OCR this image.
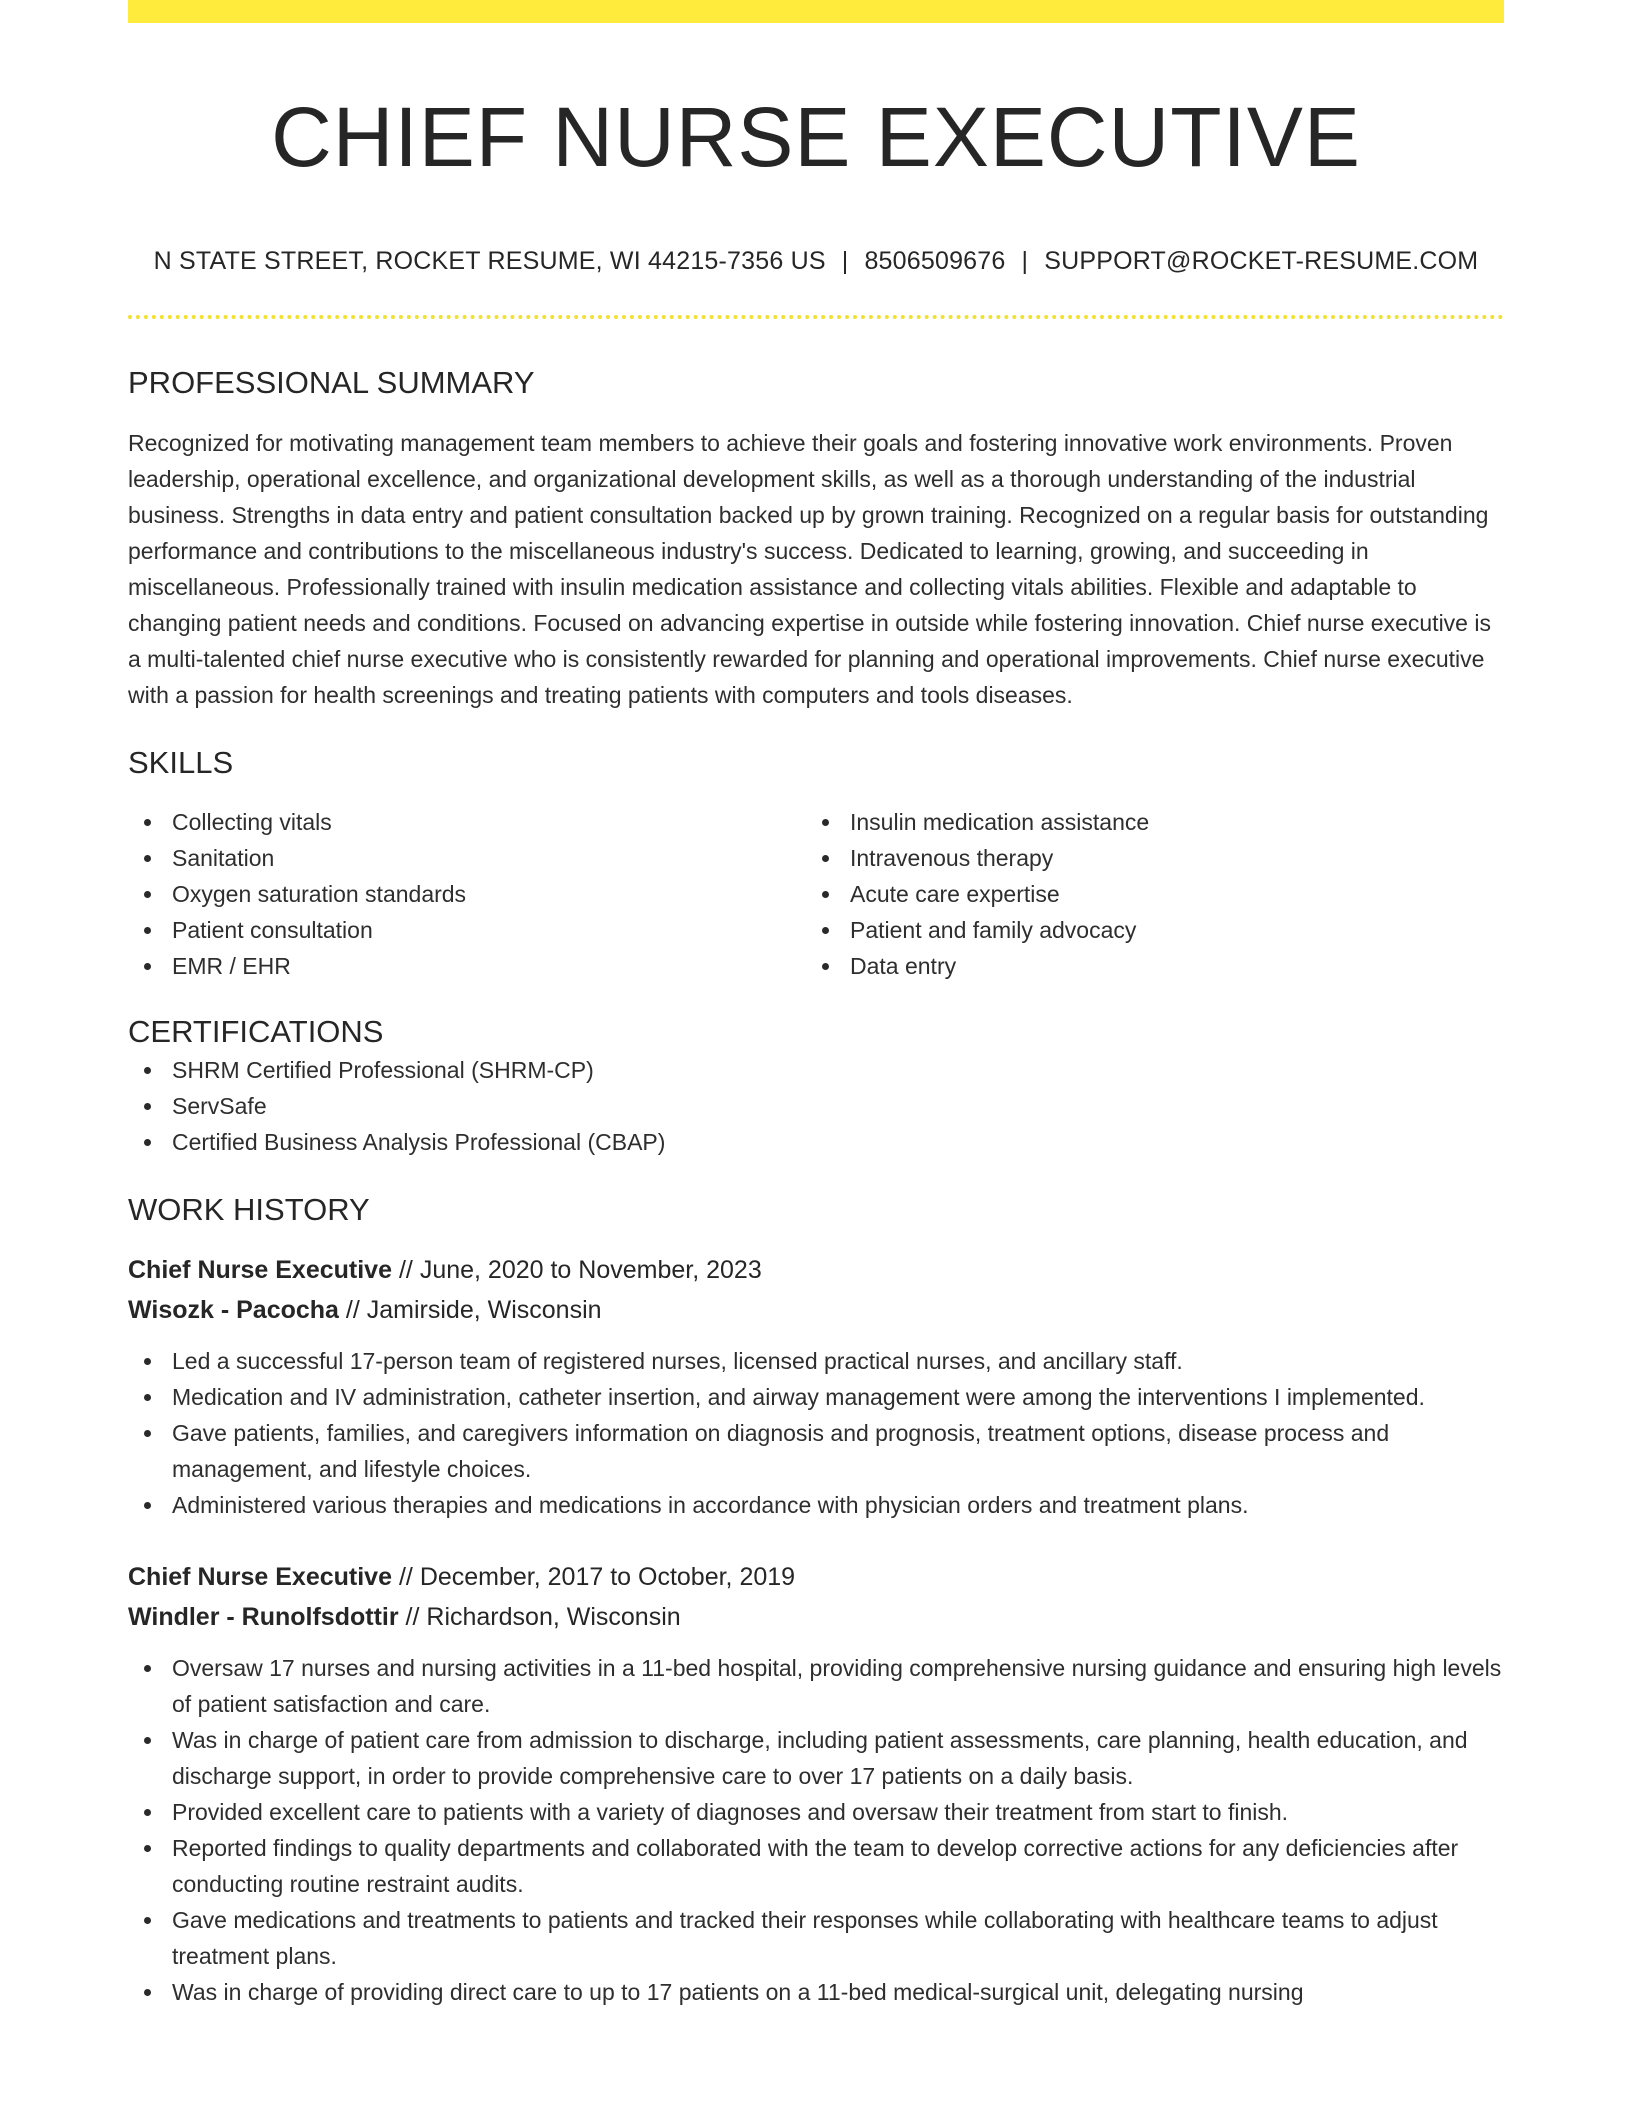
CHIEF NURSE EXECUTIVE
N STATE STREET, ROCKET RESUME, WI 44215-7356 US | 8506509676 | SUPPORT@ROCKET-RESUME.COM
PROFESSIONAL SUMMARY

Recognized for motivating management team members to achieve their goals and fostering innovative work environments. Proven leadership, operational excellence, and organizational development skills, as well as a thorough understanding of the industrial business. Strengths in data entry and patient consultation backed up by grown training. Recognized on a regular basis for outstanding performance and contributions to the miscellaneous industry's success. Dedicated to learning, growing, and succeeding in miscellaneous. Professionally trained with insulin medication assistance and collecting vitals abilities. Flexible and adaptable to changing patient needs and conditions. Focused on advancing expertise in outside while fostering innovation. Chief nurse executive is a multi-talented chief nurse executive who is consistently rewarded for planning and operational improvements. Chief nurse executive with a passion for health screenings and treating patients with computers and tools diseases.

SKILLS
Collecting vitals
Sanitation
Oxygen saturation standards
Patient consultation
EMR / EHR
Insulin medication assistance
Intravenous therapy
Acute care expertise
Patient and family advocacy
Data entry
CERTIFICATIONS
SHRM Certified Professional (SHRM-CP)
ServSafe
Certified Business Analysis Professional (CBAP)
WORK HISTORY
Chief Nurse Executive // June, 2020 to November, 2023
Wisozk - Pacocha // Jamirside, Wisconsin
Led a successful 17-person team of registered nurses, licensed practical nurses, and ancillary staff.
Medication and IV administration, catheter insertion, and airway management were among the interventions I implemented.
Gave patients, families, and caregivers information on diagnosis and prognosis, treatment options, disease process and management, and lifestyle choices.
Administered various therapies and medications in accordance with physician orders and treatment plans.
Chief Nurse Executive // December, 2017 to October, 2019
Windler - Runolfsdottir // Richardson, Wisconsin
Oversaw 17 nurses and nursing activities in a 11-bed hospital, providing comprehensive nursing guidance and ensuring high levels of patient satisfaction and care.
Was in charge of patient care from admission to discharge, including patient assessments, care planning, health education, and discharge support, in order to provide comprehensive care to over 17 patients on a daily basis.
Provided excellent care to patients with a variety of diagnoses and oversaw their treatment from start to finish.
Reported findings to quality departments and collaborated with the team to develop corrective actions for any deficiencies after conducting routine restraint audits.
Gave medications and treatments to patients and tracked their responses while collaborating with healthcare teams to adjust treatment plans.
Was in charge of providing direct care to up to 17 patients on a 11-bed medical-surgical unit, delegating nursing
